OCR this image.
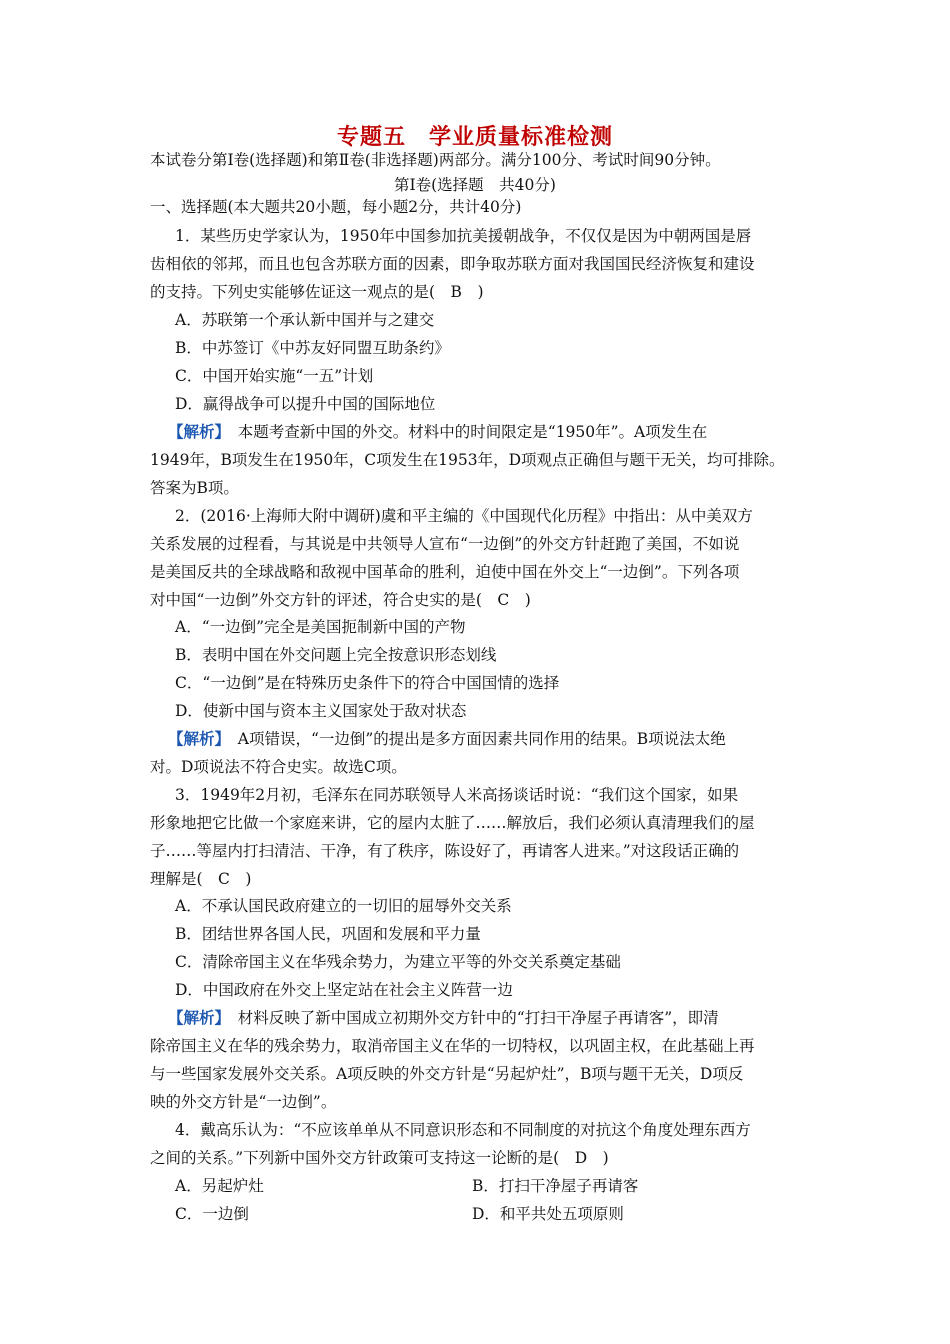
专题五　学业质量标准检测
本试卷分第Ⅰ卷(选择题)和第Ⅱ卷(非选择题)两部分。满分100分、考试时间90分钟。
第Ⅰ卷(选择题　共40分)
一、选择题(本大题共20小题，每小题2分，共计40分)
1．某些历史学家认为，1950年中国参加抗美援朝战争，不仅仅是因为中朝两国是唇
齿相依的邻邦，而且也包含苏联方面的因素，即争取苏联方面对我国国民经济恢复和建设
的支持。下列史实能够佐证这一观点的是(　B　)
A．苏联第一个承认新中国并与之建交
B．中苏签订《中苏友好同盟互助条约》
C．中国开始实施“一五”计划
D．赢得战争可以提升中国的国际地位
【解析】　本题考查新中国的外交。材料中的时间限定是“1950年”。A项发生在
1949年，B项发生在1950年，C项发生在1953年，D项观点正确但与题干无关，均可排除。
答案为B项。
2．(2016·上海师大附中调研)虞和平主编的《中国现代化历程》中指出：从中美双方
关系发展的过程看，与其说是中共领导人宣布“一边倒”的外交方针赶跑了美国，不如说
是美国反共的全球战略和敌视中国革命的胜利，迫使中国在外交上“一边倒”。下列各项
对中国“一边倒”外交方针的评述，符合史实的是(　C　)
A．“一边倒”完全是美国扼制新中国的产物
B．表明中国在外交问题上完全按意识形态划线
C．“一边倒”是在特殊历史条件下的符合中国国情的选择
D．使新中国与资本主义国家处于敌对状态
【解析】　A项错误，“一边倒”的提出是多方面因素共同作用的结果。B项说法太绝
对。D项说法不符合史实。故选C项。
3．1949年2月初，毛泽东在同苏联领导人米高扬谈话时说：“我们这个国家，如果
形象地把它比做一个家庭来讲，它的屋内太脏了……解放后，我们必须认真清理我们的屋
子……等屋内打扫清洁、干净，有了秩序，陈设好了，再请客人进来。”对这段话正确的
理解是(　C　)
A．不承认国民政府建立的一切旧的屈辱外交关系
B．团结世界各国人民，巩固和发展和平力量
C．清除帝国主义在华残余势力，为建立平等的外交关系奠定基础
D．中国政府在外交上坚定站在社会主义阵营一边
【解析】　材料反映了新中国成立初期外交方针中的“打扫干净屋子再请客”，即清
除帝国主义在华的残余势力，取消帝国主义在华的一切特权，以巩固主权，在此基础上再
与一些国家发展外交关系。A项反映的外交方针是“另起炉灶”，B项与题干无关，D项反
映的外交方针是“一边倒”。
4．戴高乐认为：“不应该单单从不同意识形态和不同制度的对抗这个角度处理东西方
之间的关系。”下列新中国外交方针政策可支持这一论断的是(　D　)
A．另起炉灶	B．打扫干净屋子再请客
C．一边倒	D．和平共处五项原则
